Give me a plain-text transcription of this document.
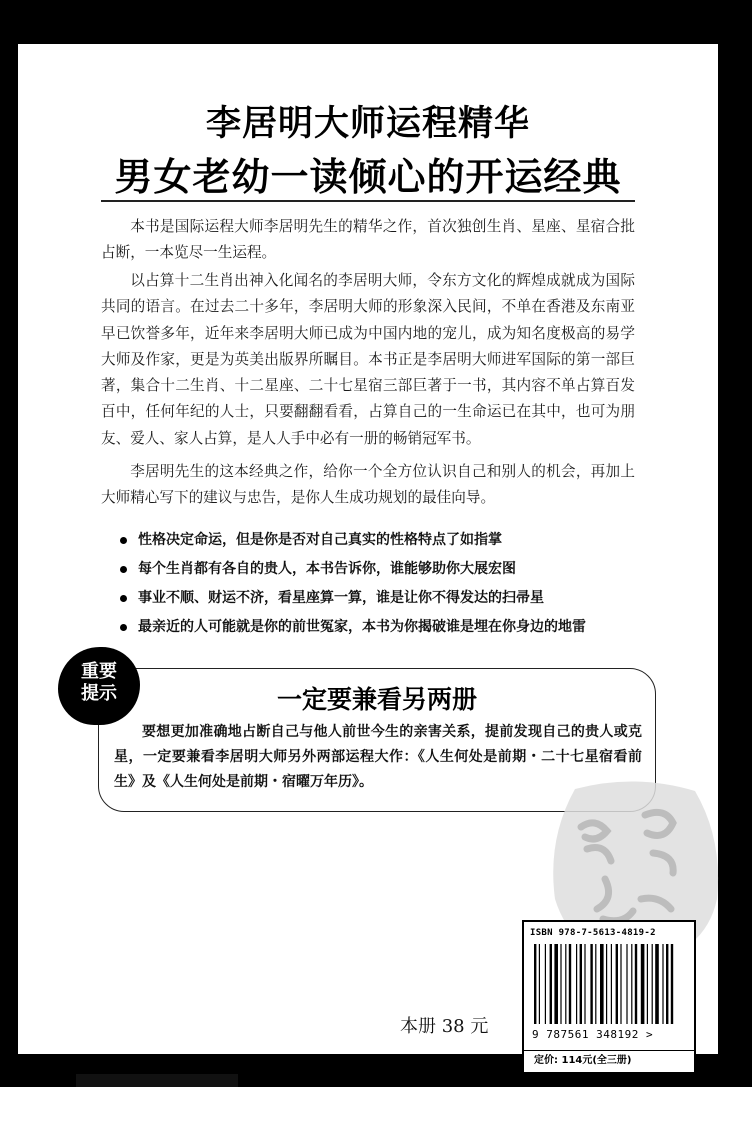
李居明大师运程精华
男女老幼一读倾心的开运经典
本书是国际运程大师李居明先生的精华之作，首次独创生肖、星座、星宿合批占断，一本览尽一生运程。
以占算十二生肖出神入化闻名的李居明大师，令东方文化的辉煌成就成为国际共同的语言。在过去二十多年，李居明大师的形象深入民间，不单在香港及东南亚早已饮誉多年，近年来李居明大师已成为中国内地的宠儿，成为知名度极高的易学大师及作家，更是为英美出版界所瞩目。本书正是李居明大师进军国际的第一部巨著，集合十二生肖、十二星座、二十七星宿三部巨著于一书，其内容不单占算百发百中，任何年纪的人士，只要翻翻看看，占算自己的一生命运已在其中，也可为朋友、爱人、家人占算，是人人手中必有一册的畅销冠军书。
李居明先生的这本经典之作，给你一个全方位认识自己和别人的机会，再加上大师精心写下的建议与忠告，是你人生成功规划的最佳向导。
性格决定命运，但是你是否对自己真实的性格特点了如指掌
每个生肖都有各自的贵人，本书告诉你，谁能够助你大展宏图
事业不顺、财运不济，看星座算一算，谁是让你不得发达的扫帚星
最亲近的人可能就是你的前世冤家，本书为你揭破谁是埋在你身边的地雷
重要
提示	一定要兼看另两册
要想更加准确地占断自己与他人前世今生的亲害关系，提前发现自己的贵人或克星，一定要兼看李居明大师另外两部运程大作：《人生何处是前期・二十七星宿看前生》及《人生何处是前期・宿曜万年历》。
本册 38 元
ISBN 978-7-5613-4819-2
9 787561 348192 >
定价: 114元(全三册)
